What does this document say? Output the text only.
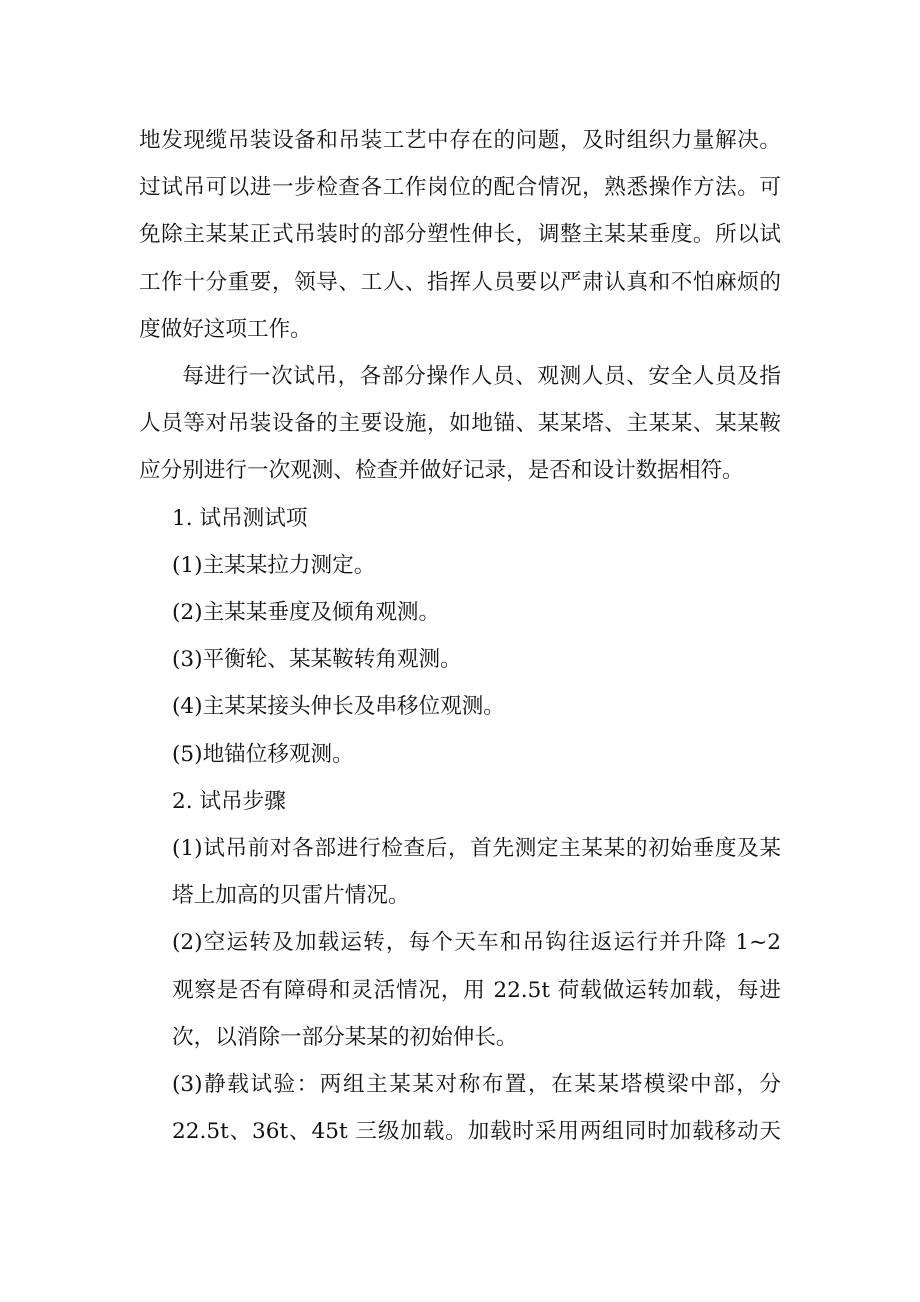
地发现缆吊装设备和吊装工艺中存在的问题，及时组织力量解决。
过试吊可以进一步检查各工作岗位的配合情况，熟悉操作方法。可
免除主某某正式吊装时的部分塑性伸长，调整主某某垂度。所以试
工作十分重要，领导、工人、指挥人员要以严肃认真和不怕麻烦的
度做好这项工作。

每进行一次试吊，各部分操作人员、观测人员、安全人员及指
人员等对吊装设备的主要设施，如地锚、某某塔、主某某、某某鞍
应分别进行一次观测、检查并做好记录，是否和设计数据相符。

1. 试吊测试项

(1)主某某拉力测定。

(2)主某某垂度及倾角观测。

(3)平衡轮、某某鞍转角观测。

(4)主某某接头伸长及串移位观测。

(5)地锚位移观测。

2. 试吊步骤

(1)试吊前对各部进行检查后，首先测定主某某的初始垂度及某
塔上加高的贝雷片情况。

(2)空运转及加载运转，每个天车和吊钩往返运行并升降 1~2
观察是否有障碍和灵活情况，用 22.5t 荷载做运转加载，每进
次，以消除一部分某某的初始伸长。

(3)静载试验：两组主某某对称布置，在某某塔模梁中部，分
22.5t、36t、45t 三级加载。加载时采用两组同时加载移动天
